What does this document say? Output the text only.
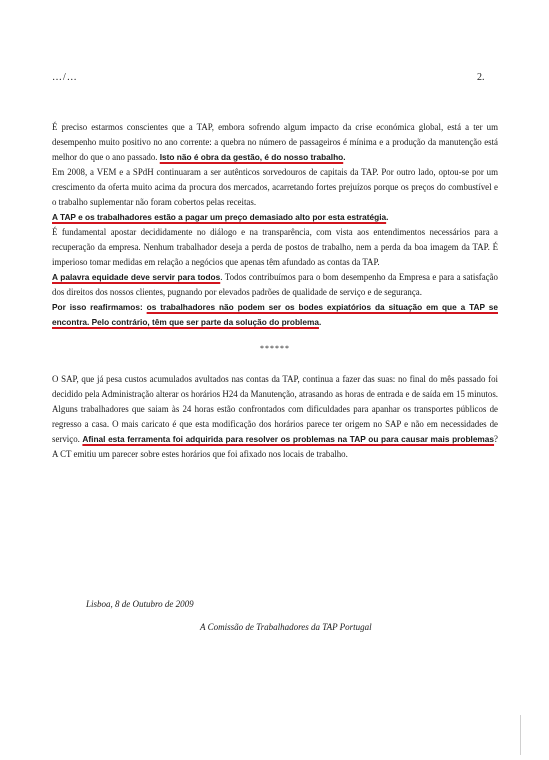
…/…	2.

É preciso estarmos conscientes que a TAP, embora sofrendo algum impacto da crise económica global, está a ter um desempenho muito positivo no ano corrente: a quebra no número de passageiros é mínima e a produção da manutenção está melhor do que o ano passado. Isto não é obra da gestão, é do nosso trabalho.

Em 2008, a VEM e a SPdH continuaram a ser autênticos sorvedouros de capitais da TAP. Por outro lado, optou-se por um crescimento da oferta muito acima da procura dos mercados, acarretando fortes prejuízos porque os preços do combustível e o trabalho suplementar não foram cobertos pelas receitas.
A TAP e os trabalhadores estão a pagar um preço demasiado alto por esta estratégia.

É fundamental apostar decididamente no diálogo e na transparência, com vista aos entendimentos necessários para a recuperação da empresa. Nenhum trabalhador deseja a perda de postos de trabalho, nem a perda da boa imagem da TAP. É imperioso tomar medidas em relação a negócios que apenas têm afundado as contas da TAP.

A palavra equidade deve servir para todos. Todos contribuímos para o bom desempenho da Empresa e para a satisfação dos direitos dos nossos clientes, pugnando por elevados padrões de qualidade de serviço e de segurança.

Por isso reafirmamos: os trabalhadores não podem ser os bodes expiatórios da situação em que a TAP se encontra. Pelo contrário, têm que ser parte da solução do problema.

******

O SAP, que já pesa custos acumulados avultados nas contas da TAP, continua a fazer das suas: no final do mês passado foi decidido pela Administração alterar os horários H24 da Manutenção, atrasando as horas de entrada e de saída em 15 minutos. Alguns trabalhadores que saiam às 24 horas estão confrontados com dificuldades para apanhar os transportes públicos de regresso a casa. O mais caricato é que esta modificação dos horários parece ter origem no SAP e não em necessidades de serviço. Afinal esta ferramenta foi adquirida para resolver os problemas na TAP ou para causar mais problemas? A CT emitiu um parecer sobre estes horários que foi afixado nos locais de trabalho.

Lisboa, 8 de Outubro de 2009
A Comissão de Trabalhadores da TAP Portugal
